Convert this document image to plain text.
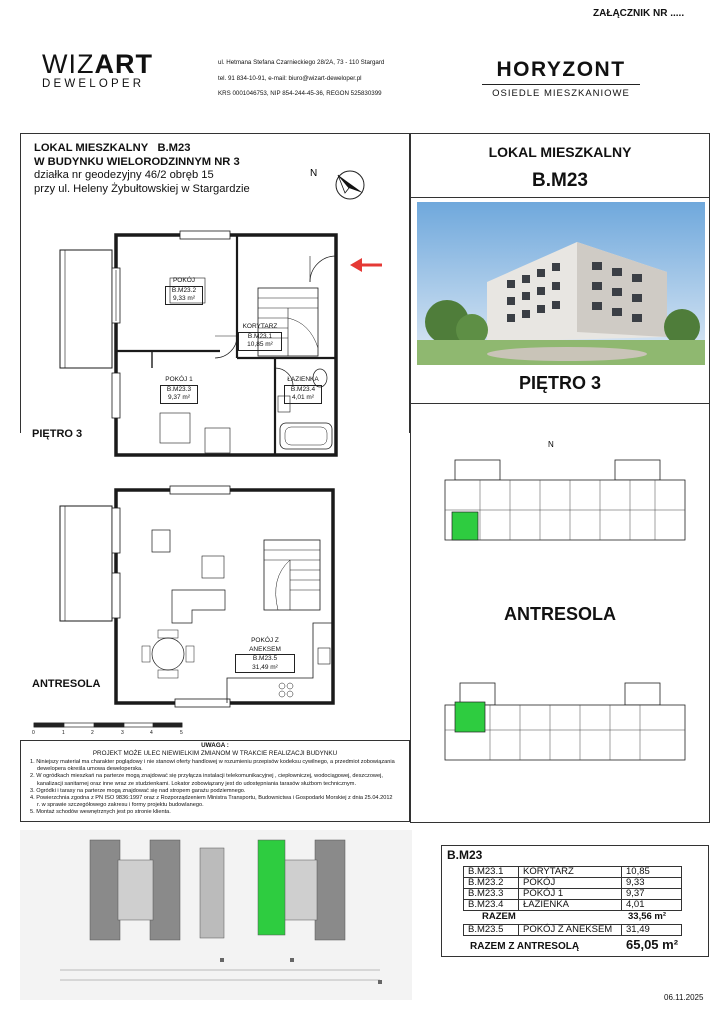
ZAŁĄCZNIK NR .....
WIZART
DEWELOPER
ul. Hetmana Stefana Czarnieckiego 28/2A, 73 - 110 Stargard
tel. 91 834-10-91, e-mail: biuro@wizart-deweloper.pl
KRS 0001046753, NIP 854-244-45-36, REGON 525830399
HORYZONT
OSIEDLE MIESZKANIOWE
LOKAL MIESZKALNY B.M23
W BUDYNKU WIELORODZINNYM NR 3
działka nr geodezyjny 46/2 obręb 15
przy ul. Heleny Żybułtowskiej w Stargardzie
N
POKÓJ
B.M23.2
9,33 m²
KORYTARZ
B.M23.1
10,85 m²
POKÓJ 1
B.M23.3
9,37 m²
ŁAZIENKA
B.M23.4
4,01 m²
POKÓJ Z ANEKSEM
B.M23.5
31,49 m²
PIĘTRO 3
ANTRESOLA
0	1	2	3	4	5
UWAGA :
PROJEKT MOŻE ULEC NIEWIELKIM ZMIANOM W TRAKCIE REALIZACJI BUDYNKU
1. Niniejszy materiał ma charakter poglądowy i nie stanowi oferty handlowej w rozumieniu przepisów kodeksu cywilnego, a przedmiot zobowiązania
dewelopera określa umowa deweloperska.
2. W ogródkach mieszkań na parterze mogą znajdować się przyłącza instalacji telekomunikacyjnej , ciepłowniczej, wodociągowej, deszczowej,
kanalizacji sanitarnej oraz inne wraz ze studzienkami. Lokator zobowiązany jest do udostępniania tarasów służbom technicznym.
3. Ogródki i tarasy na parterze mogą znajdować się nad stropem garażu podziemnego.
4. Powierzchnia zgodna z PN ISO 9836:1997 oraz z Rozporządzeniem Ministra Transportu, Budownictwa i Gospodarki Morskiej z dnia 25.04.2012
r. w sprawie szczegółowego zakresu i formy projektu budowlanego.
5. Montaż schodów wewnętrznych jest po stronie klienta.
LOKAL MIESZKALNY
B.M23
PIĘTRO 3
N
ANTRESOLA
B.M23
B.M23.1	KORYTARZ	10,85
B.M23.2	POKÓJ	9,33
B.M23.3	POKÓJ 1	9,37
B.M23.4	ŁAZIENKA	4,01
RAZEM	33,56 m²
B.M23.5	POKÓJ Z ANEKSEM	31,49
RAZEM Z ANTRESOLĄ	65,05 m²
06.11.2025
